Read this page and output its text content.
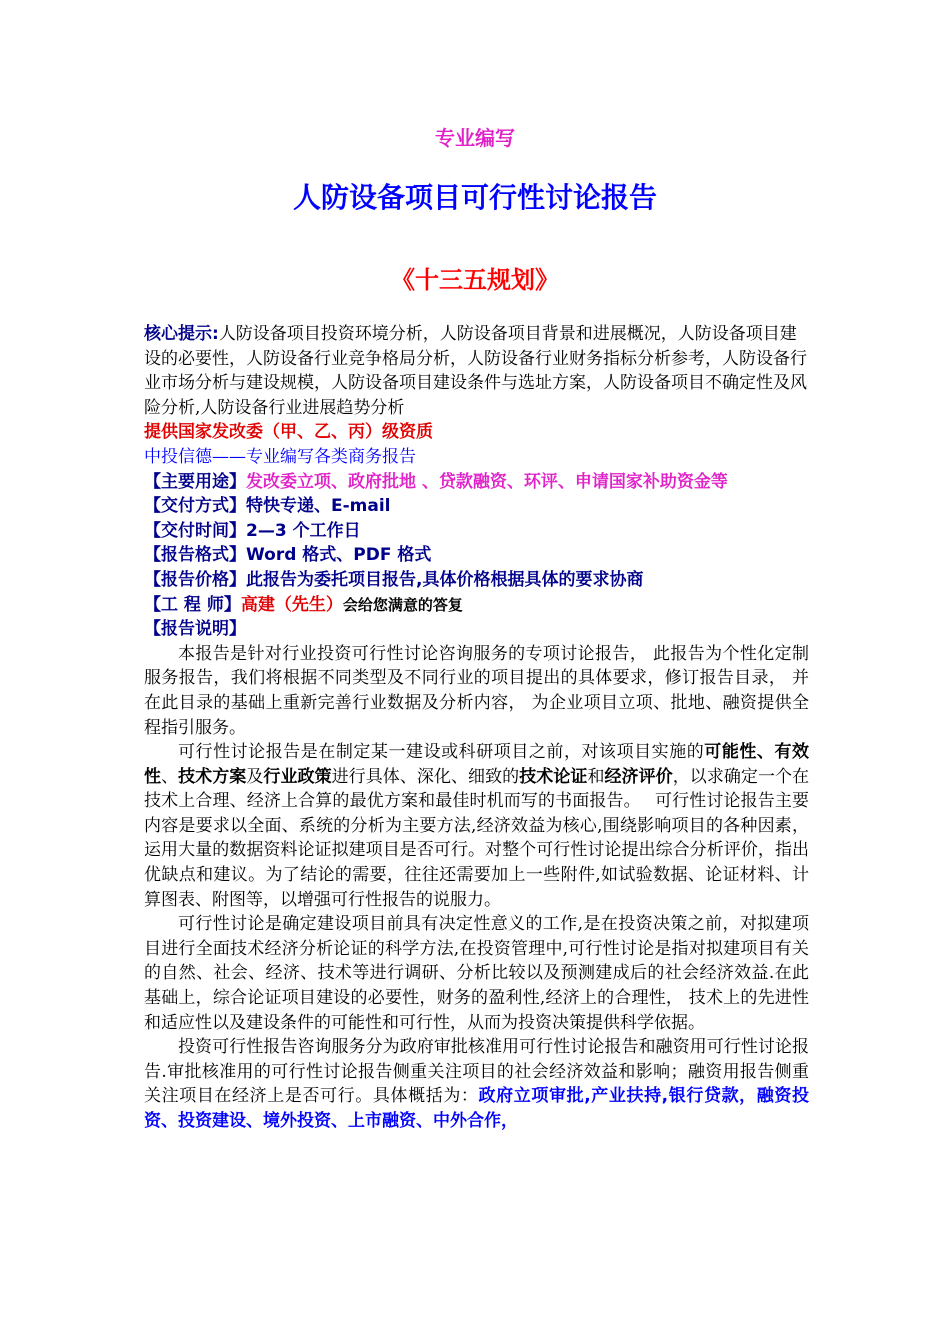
专业编写
人防设备项目可行性讨论报告
《十三五规划》

核心提示:人防设备项目投资环境分析，人防设备项目背景和进展概况，人防设备项目建设的必要性，人防设备行业竞争格局分析，人防设备行业财务指标分析参考，人防设备行业市场分析与建设规模，人防设备项目建设条件与选址方案，人防设备项目不确定性及风险分析,人防设备行业进展趋势分析

提供国家发改委（甲、乙、丙）级资质

中投信德——专业编写各类商务报告

【主要用途】发改委立项、政府批地 、贷款融资、环评、申请国家补助资金等

【交付方式】特快专递、E-mail

【交付时间】2—3 个工作日

【报告格式】Word 格式、PDF 格式

【报告价格】此报告为委托项目报告,具体价格根据具体的要求协商

【工 程 师】高建（先生）会给您满意的答复

【报告说明】

本报告是针对行业投资可行性讨论咨询服务的专项讨论报告， 此报告为个性化定制服务报告，我们将根据不同类型及不同行业的项目提出的具体要求，修订报告目录， 并在此目录的基础上重新完善行业数据及分析内容， 为企业项目立项、批地、融资提供全程指引服务。

可行性讨论报告是在制定某一建设或科研项目之前，对该项目实施的可能性、有效性、技术方案及行业政策进行具体、深化、细致的技术论证和经济评价，以求确定一个在技术上合理、经济上合算的最优方案和最佳时机而写的书面报告。　 可行性讨论报告主要内容是要求以全面、系统的分析为主要方法,经济效益为核心,围绕影响项目的各种因素， 运用大量的数据资料论证拟建项目是否可行。对整个可行性讨论提出综合分析评价，指出优缺点和建议。为了结论的需要，往往还需要加上一些附件,如试验数据、论证材料、计算图表、附图等，以增强可行性报告的说服力。

可行性讨论是确定建设项目前具有决定性意义的工作,是在投资决策之前，对拟建项目进行全面技术经济分析论证的科学方法,在投资管理中,可行性讨论是指对拟建项目有关的自然、社会、经济、技术等进行调研、分析比较以及预测建成后的社会经济效益.在此基础上，综合论证项目建设的必要性，财务的盈利性,经济上的合理性， 技术上的先进性和适应性以及建设条件的可能性和可行性，从而为投资决策提供科学依据。

投资可行性报告咨询服务分为政府审批核准用可行性讨论报告和融资用可行性讨论报告.审批核准用的可行性讨论报告侧重关注项目的社会经济效益和影响；融资用报告侧重关注项目在经济上是否可行。具体概括为：政府立项审批,产业扶持,银行贷款，融资投资、投资建设、境外投资、上市融资、中外合作，
